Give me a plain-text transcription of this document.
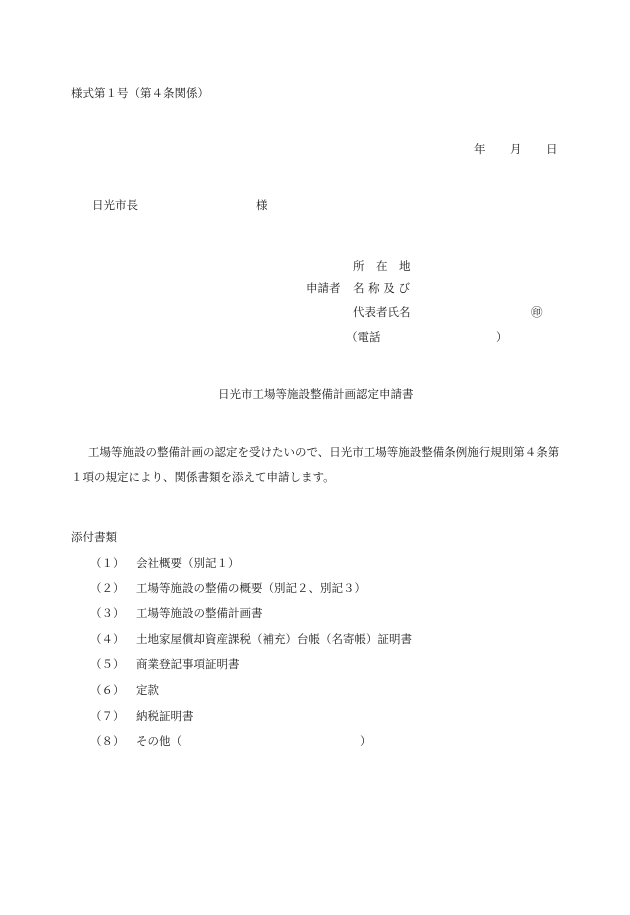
様式第１号（第４条関係）
年 月 日
日光市長	様
所　在　地
申請者 名 称 及 び
代表者氏名	㊞
（電話	）
日光市工場等施設整備計画認定申請書
工場等施設の整備計画の認定を受けたいので、日光市工場等施設整備条例施行規則第４条第１項の規定により、関係書類を添えて申請します。
添付書類
（１） 会社概要（別記１）
（２） 工場等施設の整備の概要（別記２、別記３）
（３） 工場等施設の整備計画書
（４） 土地家屋償却資産課税（補充）台帳（名寄帳）証明書
（５） 商業登記事項証明書
（６） 定款
（７） 納税証明書
（８） その他（	）
